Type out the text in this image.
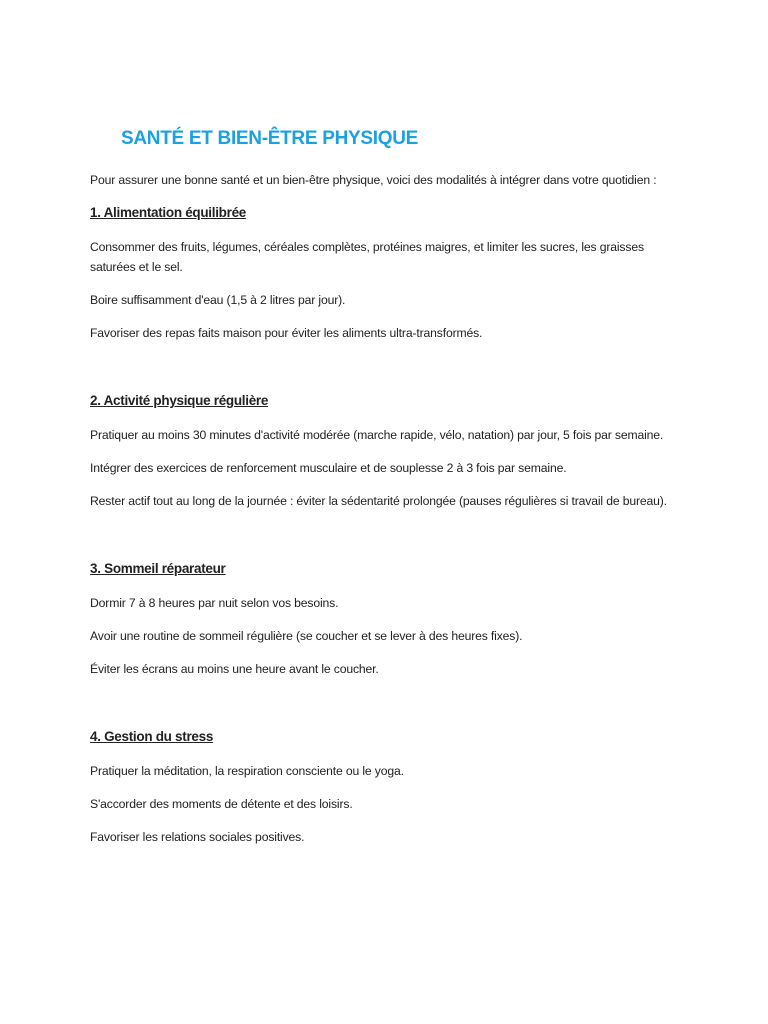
SANTÉ ET BIEN-ÊTRE PHYSIQUE

Pour assurer une bonne santé et un bien-être physique, voici des modalités à intégrer dans votre quotidien :

1. Alimentation équilibrée

Consommer des fruits, légumes, céréales complètes, protéines maigres, et limiter les sucres, les graisses saturées et le sel.

Boire suffisamment d'eau (1,5 à 2 litres par jour).

Favoriser des repas faits maison pour éviter les aliments ultra-transformés.

2. Activité physique régulière

Pratiquer au moins 30 minutes d'activité modérée (marche rapide, vélo, natation) par jour, 5 fois par semaine.

Intégrer des exercices de renforcement musculaire et de souplesse 2 à 3 fois par semaine.

Rester actif tout au long de la journée : éviter la sédentarité prolongée (pauses régulières si travail de bureau).

3. Sommeil réparateur

Dormir 7 à 8 heures par nuit selon vos besoins.

Avoir une routine de sommeil régulière (se coucher et se lever à des heures fixes).

Éviter les écrans au moins une heure avant le coucher.

4. Gestion du stress

Pratiquer la méditation, la respiration consciente ou le yoga.

S'accorder des moments de détente et des loisirs.

Favoriser les relations sociales positives.
